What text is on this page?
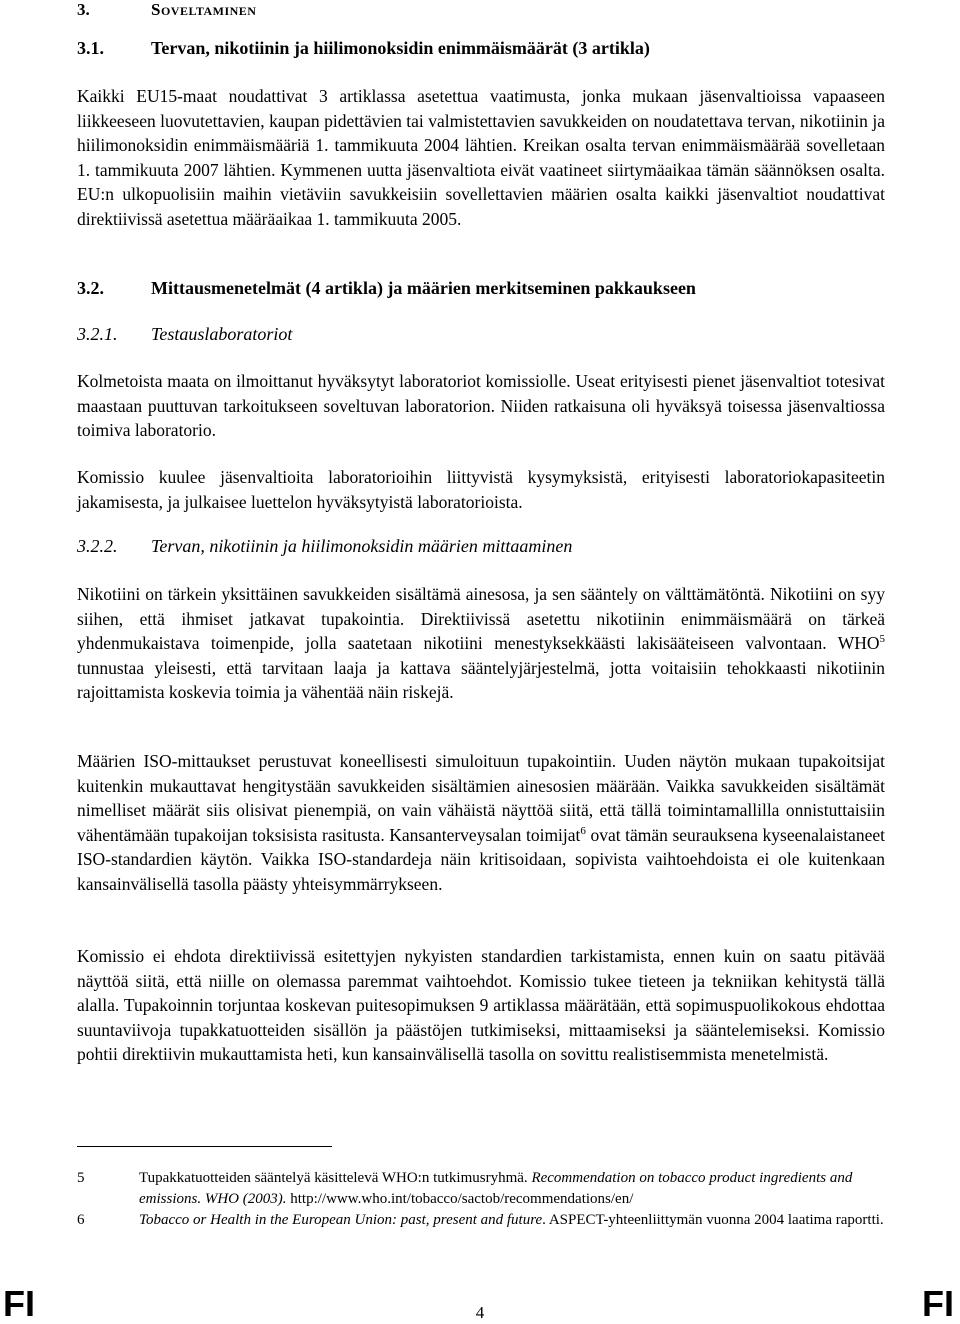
3.	Soveltaminen
3.1.	Tervan, nikotiinin ja hiilimonoksidin enimmäismäärät (3 artikla)

Kaikki EU15-maat noudattivat 3 artiklassa asetettua vaatimusta, jonka mukaan jäsenvaltioissa vapaaseen liikkeeseen luovutettavien, kaupan pidettävien tai valmistettavien savukkeiden on noudatettava tervan, nikotiinin ja hiilimonoksidin enimmäismääriä 1. tammikuuta 2004 lähtien. Kreikan osalta tervan enimmäismäärää sovelletaan 1. tammikuuta 2007 lähtien. Kymmenen uutta jäsenvaltiota eivät vaatineet siirtymäaikaa tämän säännöksen osalta. EU:n ulkopuolisiin maihin vietäviin savukkeisiin sovellettavien määrien osalta kaikki jäsenvaltiot noudattivat direktiivissä asetettua määräaikaa 1. tammikuuta 2005.

3.2.	Mittausmenetelmät (4 artikla) ja määrien merkitseminen pakkaukseen
3.2.1. Testauslaboratoriot

Kolmetoista maata on ilmoittanut hyväksytyt laboratoriot komissiolle. Useat erityisesti pienet jäsenvaltiot totesivat maastaan puuttuvan tarkoitukseen soveltuvan laboratorion. Niiden ratkaisuna oli hyväksyä toisessa jäsenvaltiossa toimiva laboratorio.

Komissio kuulee jäsenvaltioita laboratorioihin liittyvistä kysymyksistä, erityisesti laboratoriokapasiteetin jakamisesta, ja julkaisee luettelon hyväksytyistä laboratorioista.

3.2.2. Tervan, nikotiinin ja hiilimonoksidin määrien mittaaminen

Nikotiini on tärkein yksittäinen savukkeiden sisältämä ainesosa, ja sen sääntely on välttämätöntä. Nikotiini on syy siihen, että ihmiset jatkavat tupakointia. Direktiivissä asetettu nikotiinin enimmäismäärä on tärkeä yhdenmukaistava toimenpide, jolla saatetaan nikotiini menestyksekkäästi lakisääteiseen valvontaan. WHO$^5$ tunnustaa yleisesti, että tarvitaan laaja ja kattava sääntelyjärjestelmä, jotta voitaisiin tehokkaasti nikotiinin rajoittamista koskevia toimia ja vähentää näin riskejä.

Määrien ISO-mittaukset perustuvat koneellisesti simuloituun tupakointiin. Uuden näytön mukaan tupakoitsijat kuitenkin mukauttavat hengitystään savukkeiden sisältämien ainesosien määrään. Vaikka savukkeiden sisältämät nimelliset määrät siis olisivat pienempiä, on vain vähäistä näyttöä siitä, että tällä toimintamallilla onnistuttaisiin vähentämään tupakoijan toksisista rasitusta. Kansanterveysalan toimijat$^6$ ovat tämän seurauksena kyseenalaistaneet ISO-standardien käytön. Vaikka ISO-standardeja näin kritisoidaan, sopivista vaihtoehdoista ei ole kuitenkaan kansainvälisellä tasolla päästy yhteisymmärrykseen.

Komissio ei ehdota direktiivissä esitettyjen nykyisten standardien tarkistamista, ennen kuin on saatu pitävää näyttöä siitä, että niille on olemassa paremmat vaihtoehdot. Komissio tukee tieteen ja tekniikan kehitystä tällä alalla. Tupakoinnin torjuntaa koskevan puitesopimuksen 9 artiklassa määrätään, että sopimuspuolikokous ehdottaa suuntaviivoja tupakkatuotteiden sisällön ja päästöjen tutkimiseksi, mittaamiseksi ja sääntelemiseksi. Komissio pohtii direktiivin mukauttamista heti, kun kansainvälisellä tasolla on sovittu realistisemmista menetelmistä.

5	Tupakkatuotteiden sääntelyä käsittelevä WHO:n tutkimusryhmä. Recommendation on tobacco product ingredients and emissions. WHO (2003). http://www.who.int/tobacco/sactob/recommendations/en/
6	Tobacco or Health in the European Union: past, present and future. ASPECT-yhteenliittymän vuonna 2004 laatima raportti.
FI	4	FI
